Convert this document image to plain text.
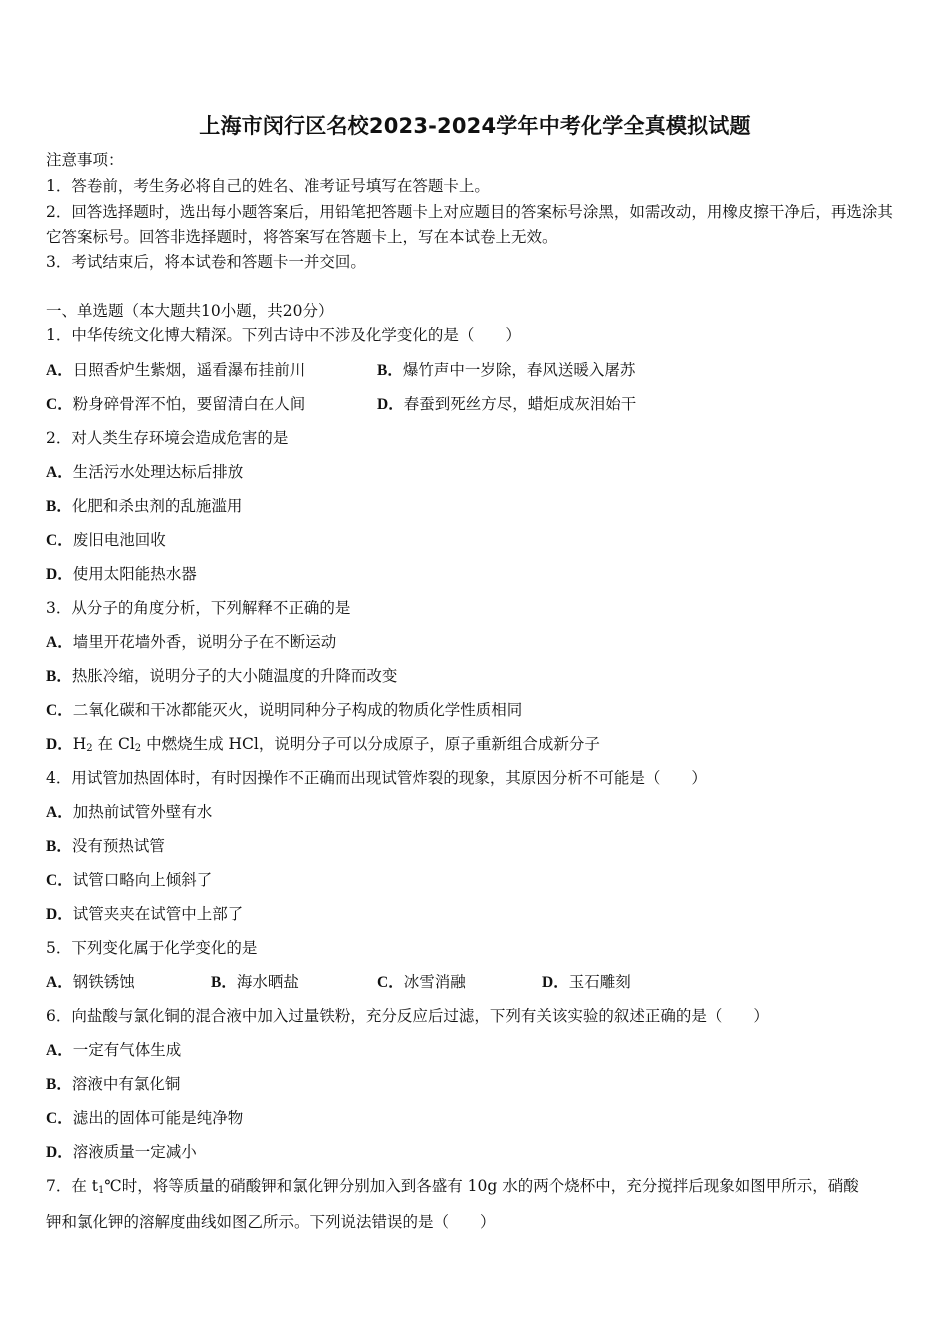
上海市闵行区名校2023-2024学年中考化学全真模拟试题
注意事项：
1．答卷前，考生务必将自己的姓名、准考证号填写在答题卡上。
2．回答选择题时，选出每小题答案后，用铅笔把答题卡上对应题目的答案标号涂黑，如需改动，用橡皮擦干净后，再选涂其它答案标号。回答非选择题时，将答案写在答题卡上，写在本试卷上无效。
3．考试结束后，将本试卷和答题卡一并交回。
一、单选题（本大题共10小题，共20分）
1．中华传统文化博大精深。下列古诗中不涉及化学变化的是（　　）
A．日照香炉生紫烟，遥看瀑布挂前川	B．爆竹声中一岁除，春风送暖入屠苏
C．粉身碎骨浑不怕，要留清白在人间	D．春蚕到死丝方尽，蜡炬成灰泪始干
2．对人类生存环境会造成危害的是
A．生活污水处理达标后排放
B．化肥和杀虫剂的乱施滥用
C．废旧电池回收
D．使用太阳能热水器
3．从分子的角度分析，下列解释不正确的是
A．墙里开花墙外香，说明分子在不断运动
B．热胀冷缩，说明分子的大小随温度的升降而改变
C．二氧化碳和干冰都能灭火，说明同种分子构成的物质化学性质相同
D．$H_2$ 在 $Cl_2$ 中燃烧生成 HCl，说明分子可以分成原子，原子重新组合成新分子
4．用试管加热固体时，有时因操作不正确而出现试管炸裂的现象，其原因分析不可能是（　　）
A．加热前试管外壁有水
B．没有预热试管
C．试管口略向上倾斜了
D．试管夹夹在试管中上部了
5．下列变化属于化学变化的是
A．钢铁锈蚀	B．海水晒盐	C．冰雪消融	D．玉石雕刻
6．向盐酸与氯化铜的混合液中加入过量铁粉，充分反应后过滤，下列有关该实验的叙述正确的是（　　）
A．一定有气体生成
B．溶液中有氯化铜
C．滤出的固体可能是纯净物
D．溶液质量一定减小
7．在 $t_1℃$时，将等质量的硝酸钾和氯化钾分别加入到各盛有 10g 水的两个烧杯中，充分搅拌后现象如图甲所示，硝酸
钾和氯化钾的溶解度曲线如图乙所示。下列说法错误的是（　　）
